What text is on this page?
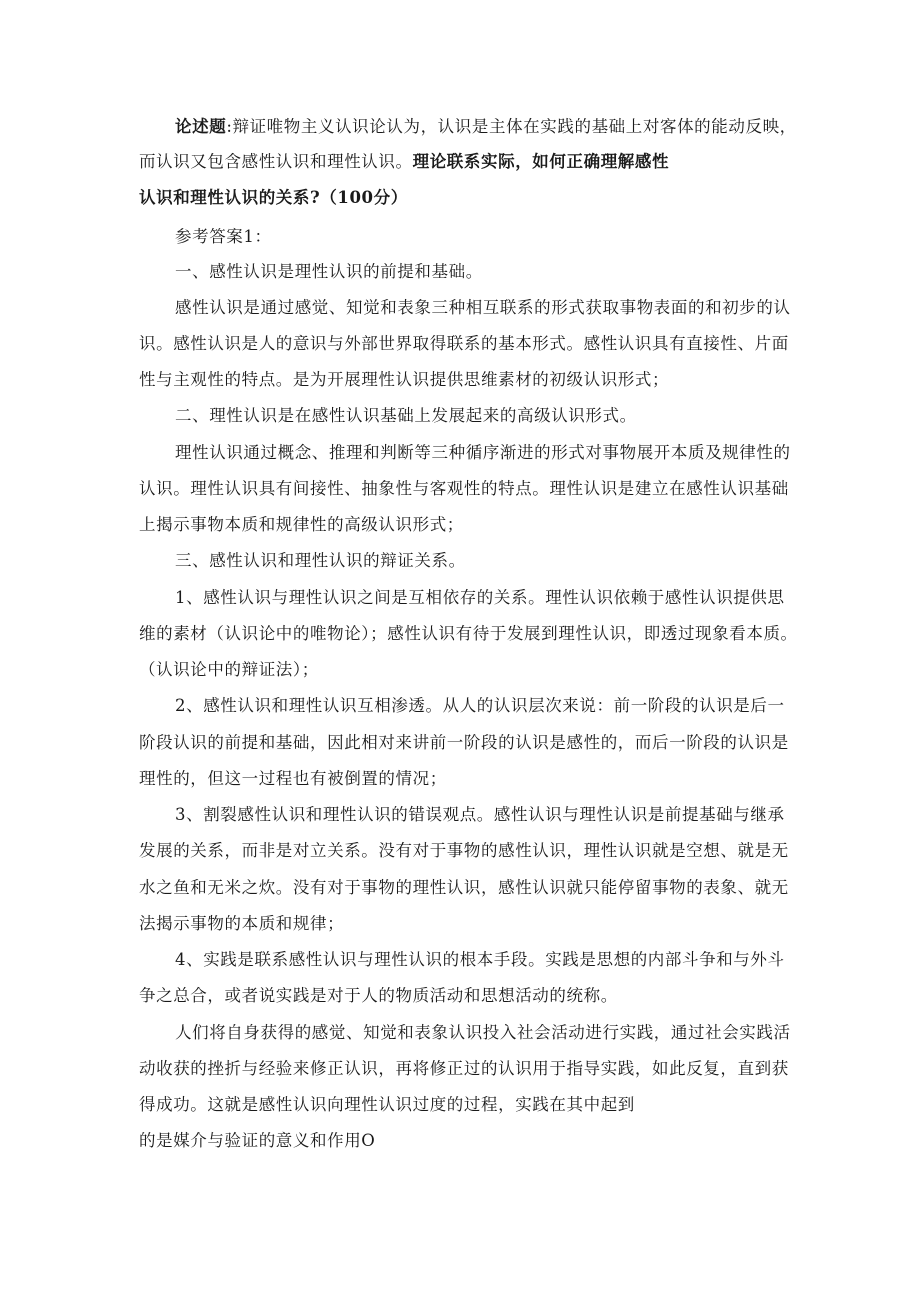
论述题:辩证唯物主义认识论认为，认识是主体在实践的基础上对客体的能动反映，
而认识又包含感性认识和理性认识。理论联系实际，如何正确理解感性
认识和理性认识的关系?（100分）
参考答案1：
一、感性认识是理性认识的前提和基础。
感性认识是通过感觉、知觉和表象三种相互联系的形式获取事物表面的和初步的认
识。感性认识是人的意识与外部世界取得联系的基本形式。感性认识具有直接性、片面
性与主观性的特点。是为开展理性认识提供思维素材的初级认识形式；
二、理性认识是在感性认识基础上发展起来的高级认识形式。
理性认识通过概念、推理和判断等三种循序渐进的形式对事物展开本质及规律性的
认识。理性认识具有间接性、抽象性与客观性的特点。理性认识是建立在感性认识基础
上揭示事物本质和规律性的高级认识形式；
三、感性认识和理性认识的辩证关系。
1、感性认识与理性认识之间是互相依存的关系。理性认识依赖于感性认识提供思
维的素材（认识论中的唯物论）；感性认识有待于发展到理性认识，即透过现象看本质。
（认识论中的辩证法）；
2、感性认识和理性认识互相渗透。从人的认识层次来说：前一阶段的认识是后一
阶段认识的前提和基础，因此相对来讲前一阶段的认识是感性的，而后一阶段的认识是
理性的，但这一过程也有被倒置的情况；
3、割裂感性认识和理性认识的错误观点。感性认识与理性认识是前提基础与继承
发展的关系，而非是对立关系。没有对于事物的感性认识，理性认识就是空想、就是无
水之鱼和无米之炊。没有对于事物的理性认识，感性认识就只能停留事物的表象、就无
法揭示事物的本质和规律；
4、实践是联系感性认识与理性认识的根本手段。实践是思想的内部斗争和与外斗
争之总合，或者说实践是对于人的物质活动和思想活动的统称。
人们将自身获得的感觉、知觉和表象认识投入社会活动进行实践，通过社会实践活
动收获的挫折与经验来修正认识，再将修正过的认识用于指导实践，如此反复，直到获
得成功。这就是感性认识向理性认识过度的过程，实践在其中起到
的是媒介与验证的意义和作用O
